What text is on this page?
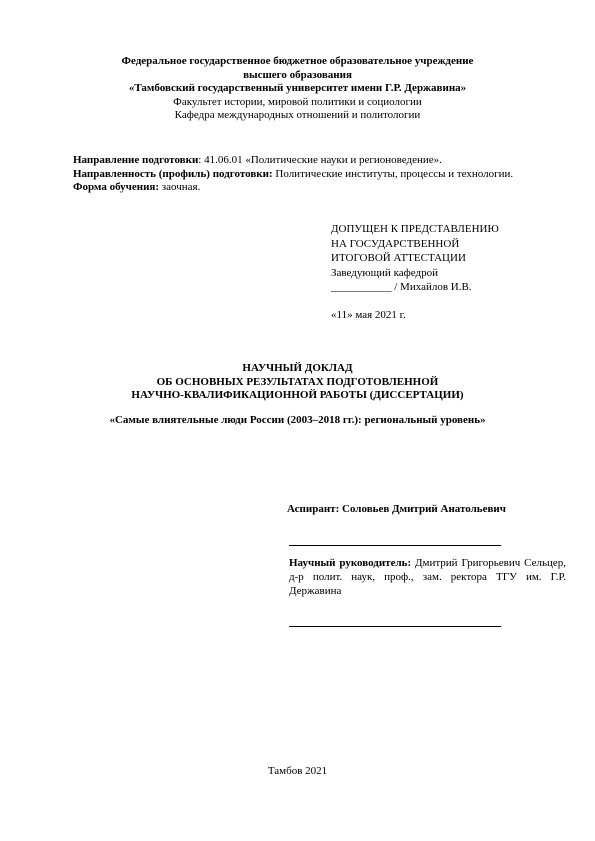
Федеральное государственное бюджетное образовательное учреждение
высшего образования
«Тамбовский государственный университет имени Г.Р. Державина»
Факультет истории, мировой политики и социологии
Кафедра международных отношений и политологии
Направление подготовки: 41.06.01 «Политические науки и регионоведение».
Направленность (профиль) подготовки: Политические институты, процессы и технологии.
Форма обучения: заочная.
ДОПУЩЕН К ПРЕДСТАВЛЕНИЮ
НА ГОСУДАРСТВЕННОЙ
ИТОГОВОЙ АТТЕСТАЦИИ
Заведующий кафедрой
___________ / Михайлов И.В.
«11» мая 2021 г.
НАУЧНЫЙ ДОКЛАД
ОБ ОСНОВНЫХ РЕЗУЛЬТАТАХ ПОДГОТОВЛЕННОЙ
НАУЧНО-КВАЛИФИКАЦИОННОЙ РАБОТЫ (ДИССЕРТАЦИИ)
«Самые влиятельные люди России (2003–2018 гг.): региональный уровень»
Аспирант: Соловьев Дмитрий Анатольевич
Научный руководитель: Дмитрий Григорьевич Сельцер, д-р полит. наук, проф., зам. ректора ТГУ им. Г.Р. Державина
Тамбов 2021
